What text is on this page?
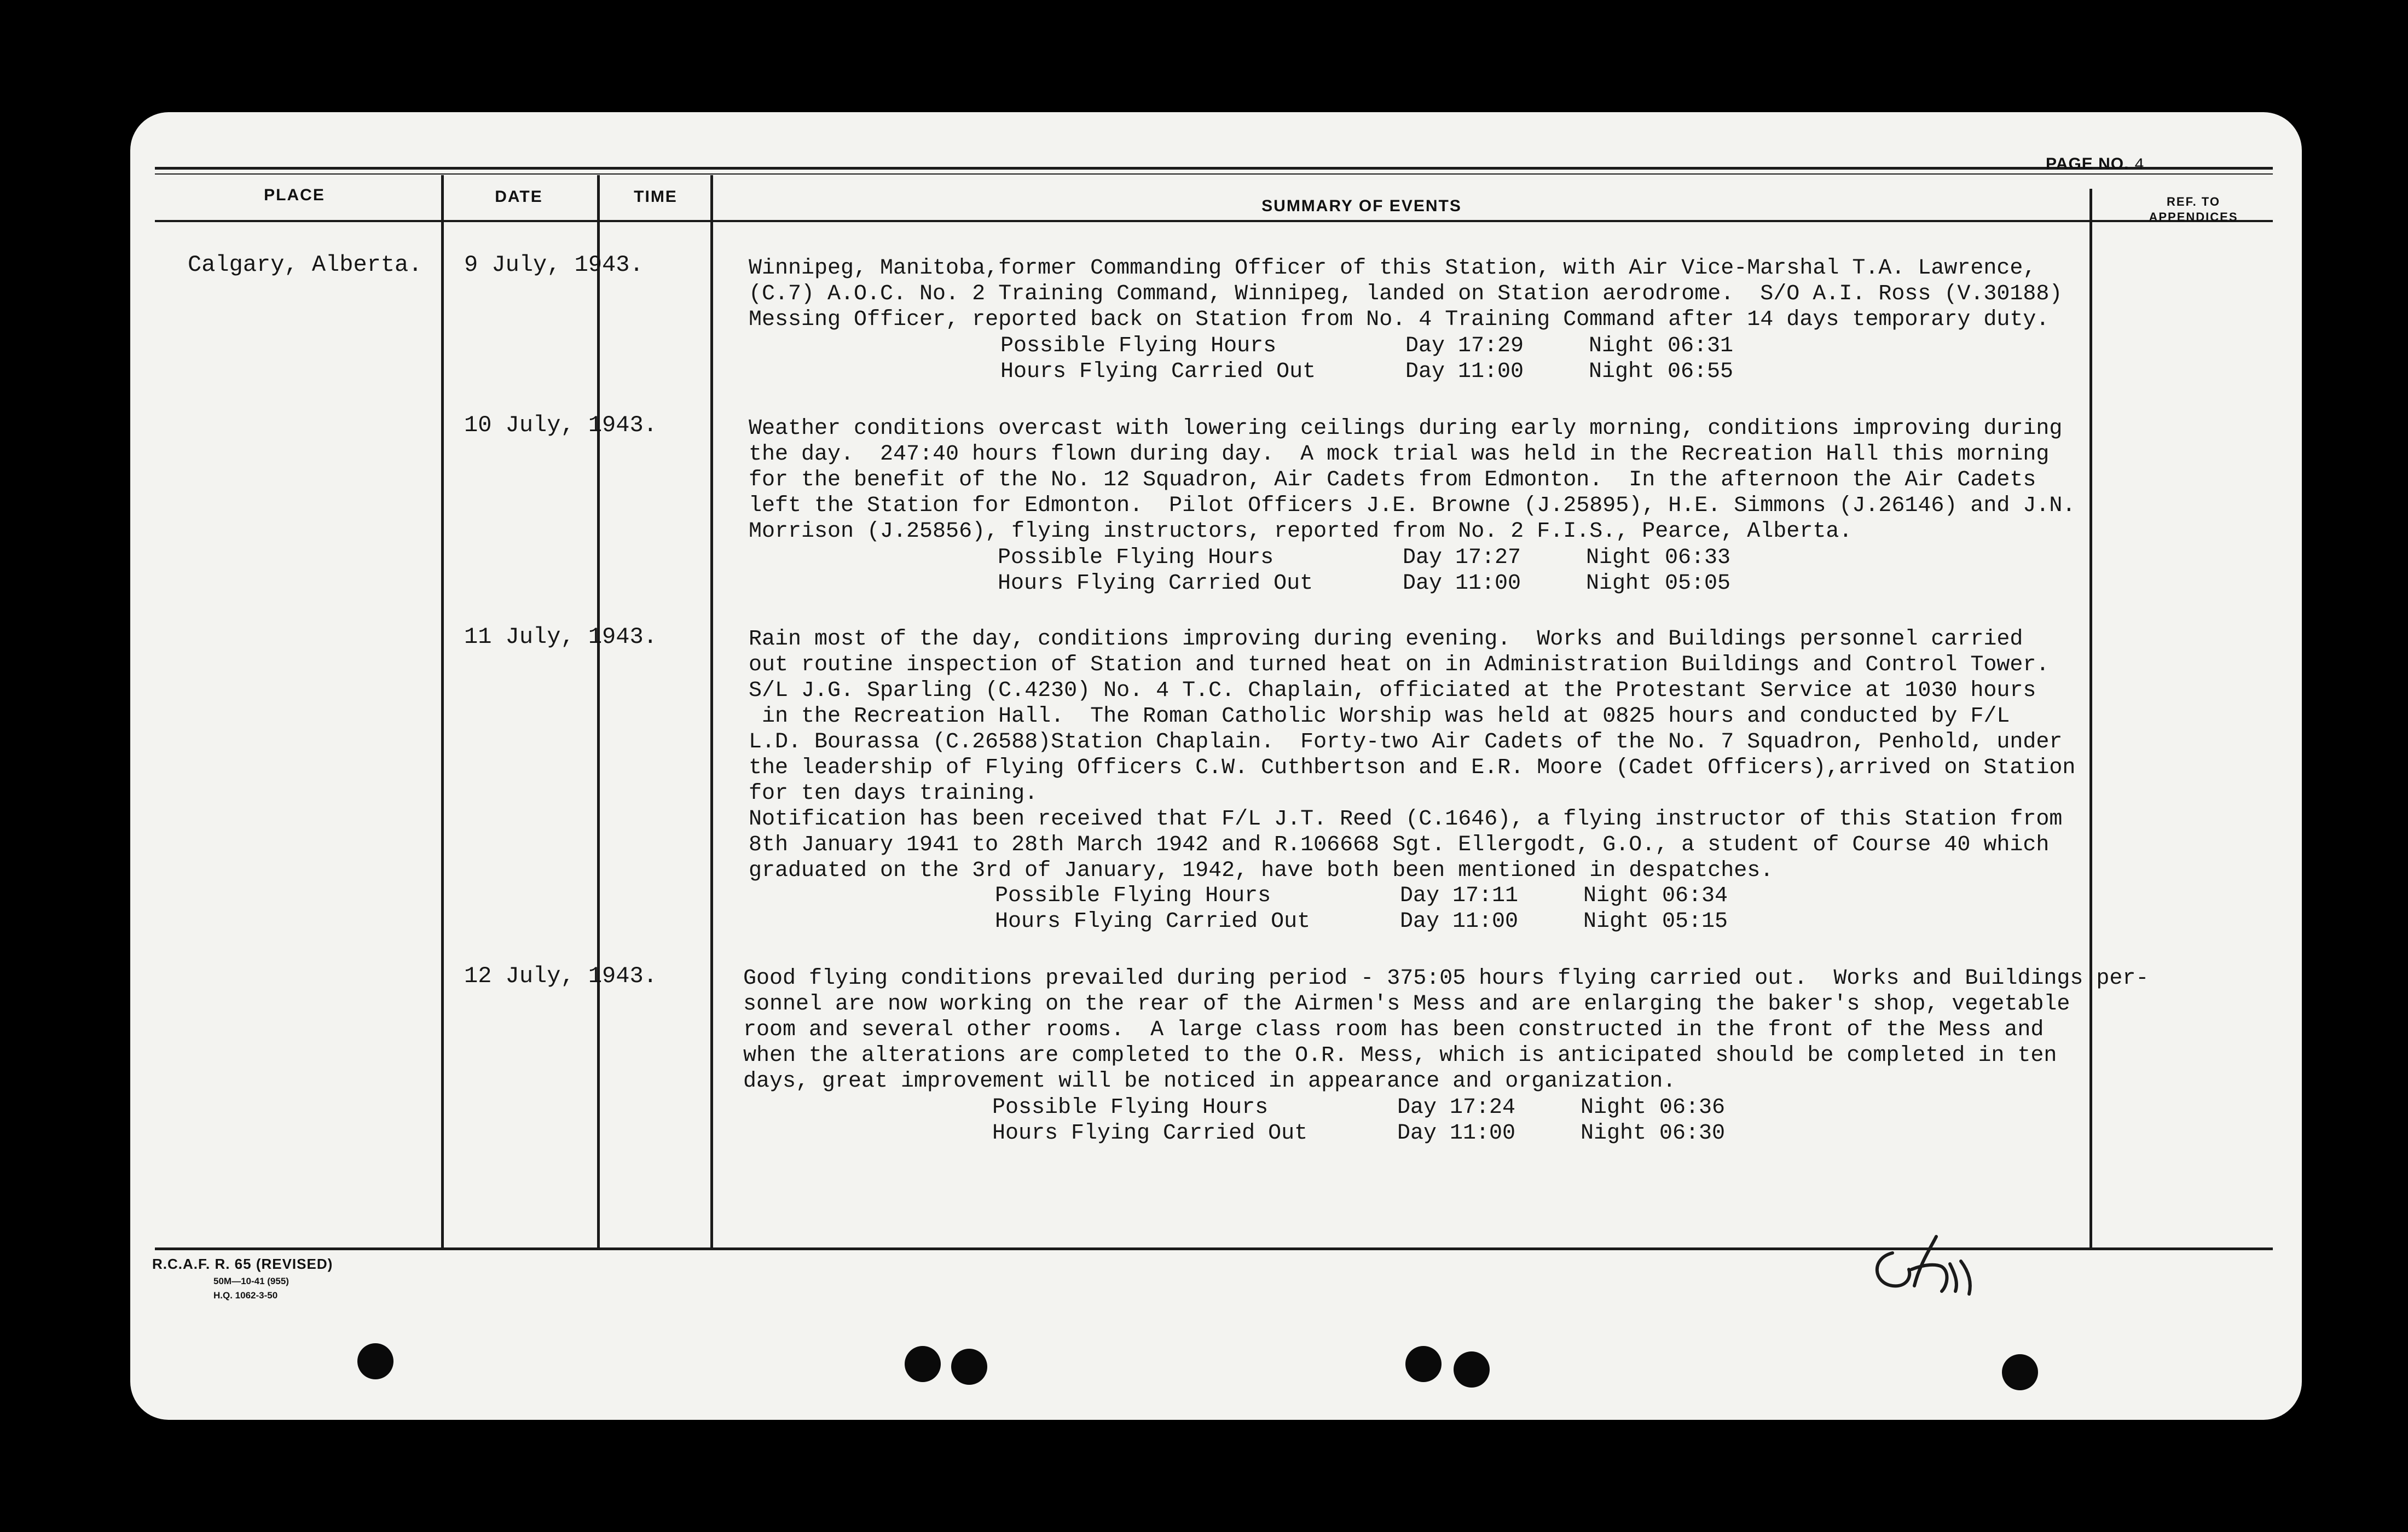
PAGE NO. 4
PLACE	DATE	TIME
SUMMARY OF EVENTS	REF. TO
APPENDICES
Calgary, Alberta. 9 July, 1943.	Winnipeg, Manitoba,former Commanding Officer of this Station, with Air Vice-Marshal T.A. Lawrence,

(C.7) A.O.C. No. 2 Training Command, Winnipeg, landed on Station aerodrome.  S/O A.I. Ross (V.30188)

Messing Officer, reported back on Station from No. 4 Training Command after 14 days temporary duty.

Possible Flying Hours	Day 17:29	Night 06:31
Hours Flying Carried Out	Day 11:00	Night 06:55
10 July, 1943.	Weather conditions overcast with lowering ceilings during early morning, conditions improving during

the day.  247:40 hours flown during day.  A mock trial was held in the Recreation Hall this morning

for the benefit of the No. 12 Squadron, Air Cadets from Edmonton.  In the afternoon the Air Cadets

left the Station for Edmonton.  Pilot Officers J.E. Browne (J.25895), H.E. Simmons (J.26146) and J.N.

Morrison (J.25856), flying instructors, reported from No. 2 F.I.S., Pearce, Alberta.

Possible Flying Hours	Day 17:27	Night 06:33
Hours Flying Carried Out	Day 11:00	Night 05:05
11 July, 1943.	Rain most of the day, conditions improving during evening.  Works and Buildings personnel carried

out routine inspection of Station and turned heat on in Administration Buildings and Control Tower.

S/L J.G. Sparling (C.4230) No. 4 T.C. Chaplain, officiated at the Protestant Service at 1030 hours

in the Recreation Hall.  The Roman Catholic Worship was held at 0825 hours and conducted by F/L

L.D. Bourassa (C.26588)Station Chaplain.  Forty-two Air Cadets of the No. 7 Squadron, Penhold, under

the leadership of Flying Officers C.W. Cuthbertson and E.R. Moore (Cadet Officers),arrived on Station

for ten days training.

Notification has been received that F/L J.T. Reed (C.1646), a flying instructor of this Station from

8th January 1941 to 28th March 1942 and R.106668 Sgt. Ellergodt, G.O., a student of Course 40 which

graduated on the 3rd of January, 1942, have both been mentioned in despatches.

Possible Flying Hours	Day 17:11	Night 06:34
Hours Flying Carried Out	Day 11:00	Night 05:15
12 July, 1943.	Good flying conditions prevailed during period - 375:05 hours flying carried out.  Works and Buildings per-

sonnel are now working on the rear of the Airmen's Mess and are enlarging the baker's shop, vegetable

room and several other rooms.  A large class room has been constructed in the front of the Mess and

when the alterations are completed to the O.R. Mess, which is anticipated should be completed in ten

days, great improvement will be noticed in appearance and organization.

Possible Flying Hours	Day 17:24	Night 06:36
Hours Flying Carried Out	Day 11:00	Night 06:30
R.C.A.F. R. 65 (REVISED)
50M—10-41 (955)
H.Q. 1062-3-50
